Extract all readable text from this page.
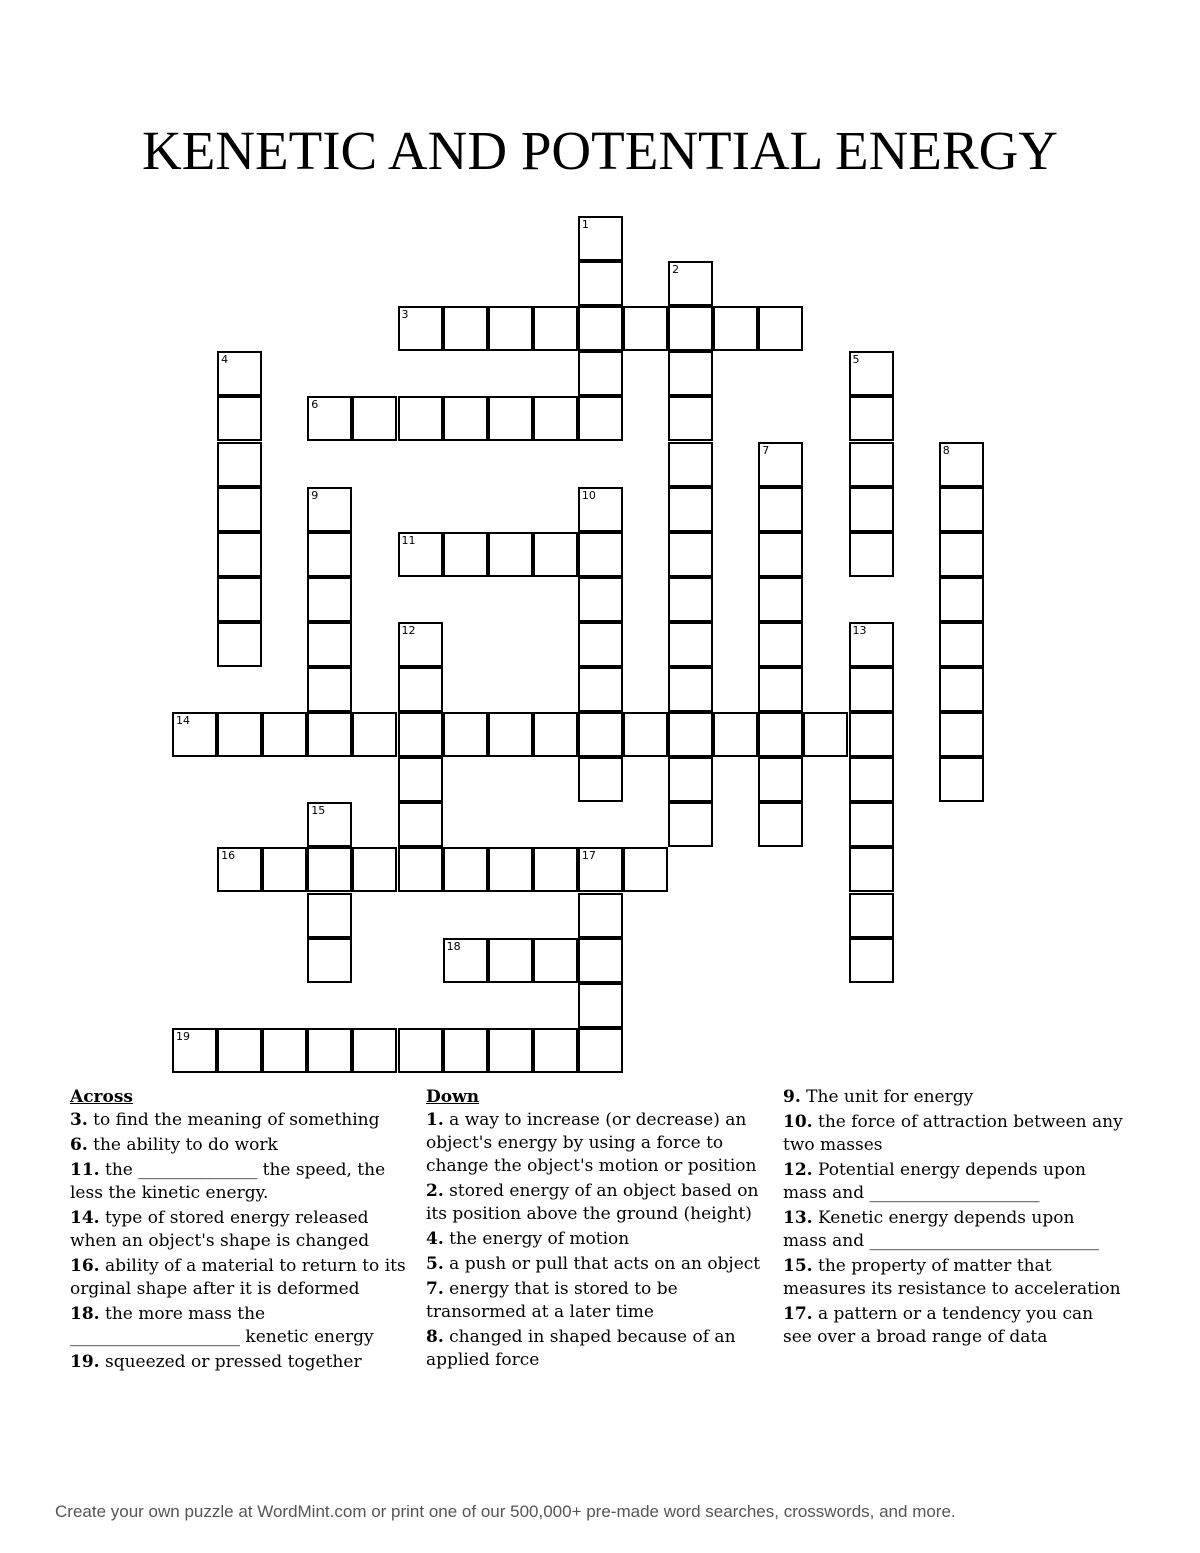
KENETIC AND POTENTIAL ENERGY
1
2
3
4	5
6
7	8
9	10
11
12	13
14
15
16	17
18
19

Across

3. to find the meaning of something

6. the ability to do work

11. the ______________ the speed, the less the kinetic energy.

14. type of stored energy released when an object's shape is changed

16. ability of a material to return to its orginal shape after it is deformed

18. the more mass the ____________________ kenetic energy

19. squeezed or pressed together

Down

1. a way to increase (or decrease) an object's energy by using a force to change the object's motion or position

2. stored energy of an object based on its position above the ground (height)

4. the energy of motion

5. a push or pull that acts on an object

7. energy that is stored to be transormed at a later time

8. changed in shaped because of an applied force

9. The unit for energy

10. the force of attraction between any two masses

12. Potential energy depends upon mass and ____________________

13. Kenetic energy depends upon mass and ___________________________

15. the property of matter that measures its resistance to acceleration

17. a pattern or a tendency you can see over a broad range of data

Create your own puzzle at WordMint.com or print one of our 500,000+ pre-made word searches, crosswords, and more.
